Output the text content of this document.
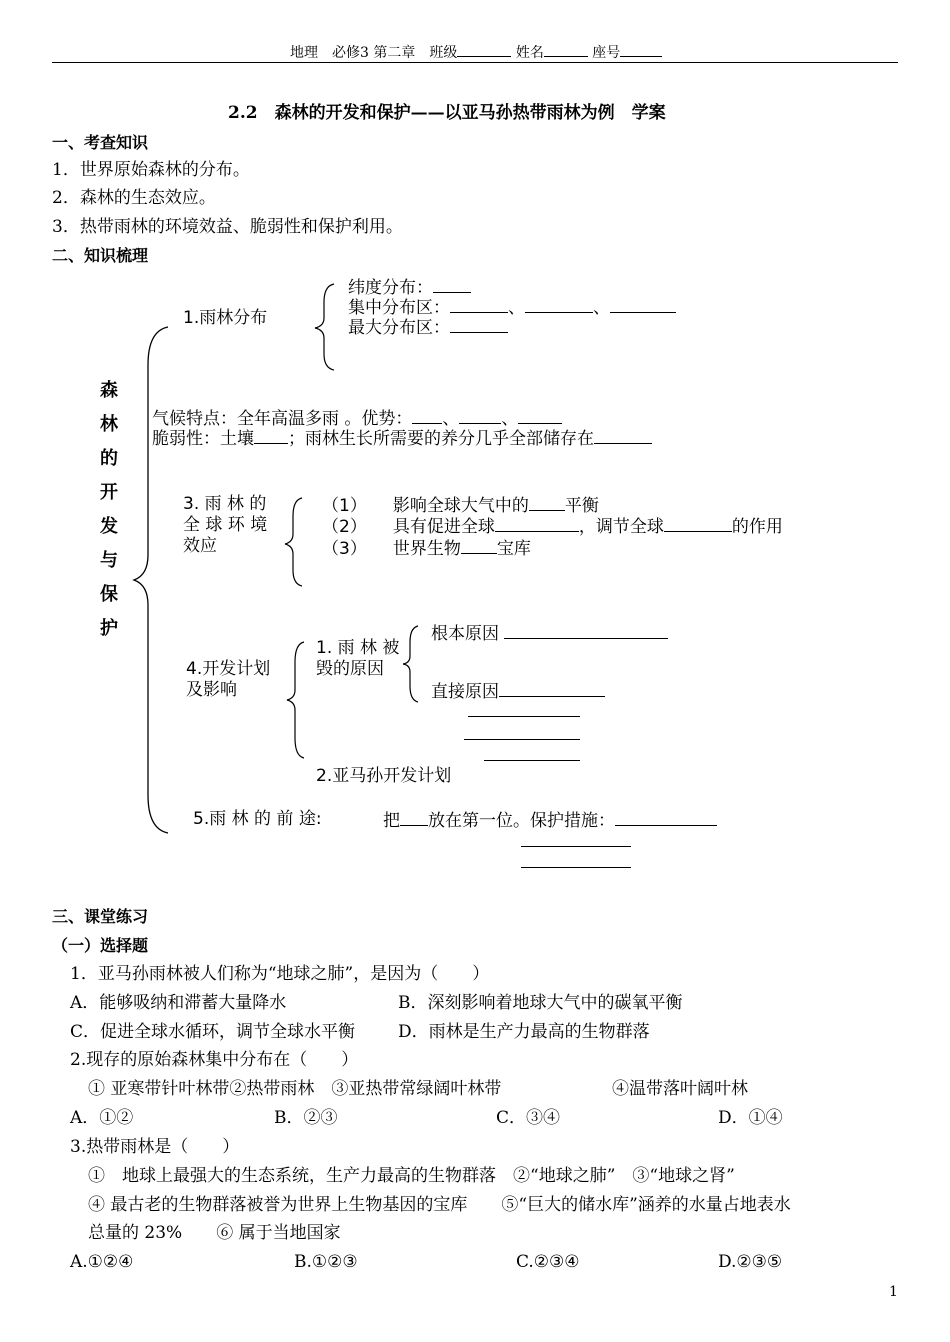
地理　 必修3 第二章　 班级	姓名	座号
2.2　森林的开发和保护——以亚马孙热带雨林为例　学案
一、考查知识
1．世界原始森林的分布。
2．森林的生态效应。
3．热带雨林的环境效益、脆弱性和保护利用。
二、知识梳理
森
林
的
开
发
与
保
护
1.雨林分布
纬度分布：
集中分布区：	、	、
最大分布区：
气候特点：全年高温多雨 。优势： 、 、
脆弱性：土壤 ；雨林生长所需要的养分几乎全部储存在
3. 雨 林 的
全 球 环 境
效应
（1） 影响全球大气中的 平衡
（2） 具有促进全球	，调节全球	的作用
（3） 世界生物 宝库
4.开发计划
及影响
1. 雨 林 被
毁的原因
根本原因
直接原因
2.亚马孙开发计划
5.雨 林 的 前 途:	把 放在第一位。保护措施：
三、课堂练习
（一）选择题
1．亚马孙雨林被人们称为“地球之肺”，是因为（　　）
A．能够吸纳和滞蓄大量降水	B．深刻影响着地球大气中的碳氧平衡
C．促进全球水循环，调节全球水平衡	D．雨林是生产力最高的生物群落
2.现存的原始森林集中分布在（　　）
① 亚寒带针叶林带②热带雨林　③亚热带常绿阔叶林带	④温带落叶阔叶林
A．①②	B．②③	C．③④	D．①④
3.热带雨林是（　　）
①　地球上最强大的生态系统，生产力最高的生物群落　②“地球之肺”　③“地球之肾”
④ 最古老的生物群落被誉为世界上生物基因的宝库　　⑤“巨大的储水库”涵养的水量占地表水
总量的 23%　　⑥ 属于当地国家
A.①②④	B.①②③	C.②③④	D.②③⑤
1
